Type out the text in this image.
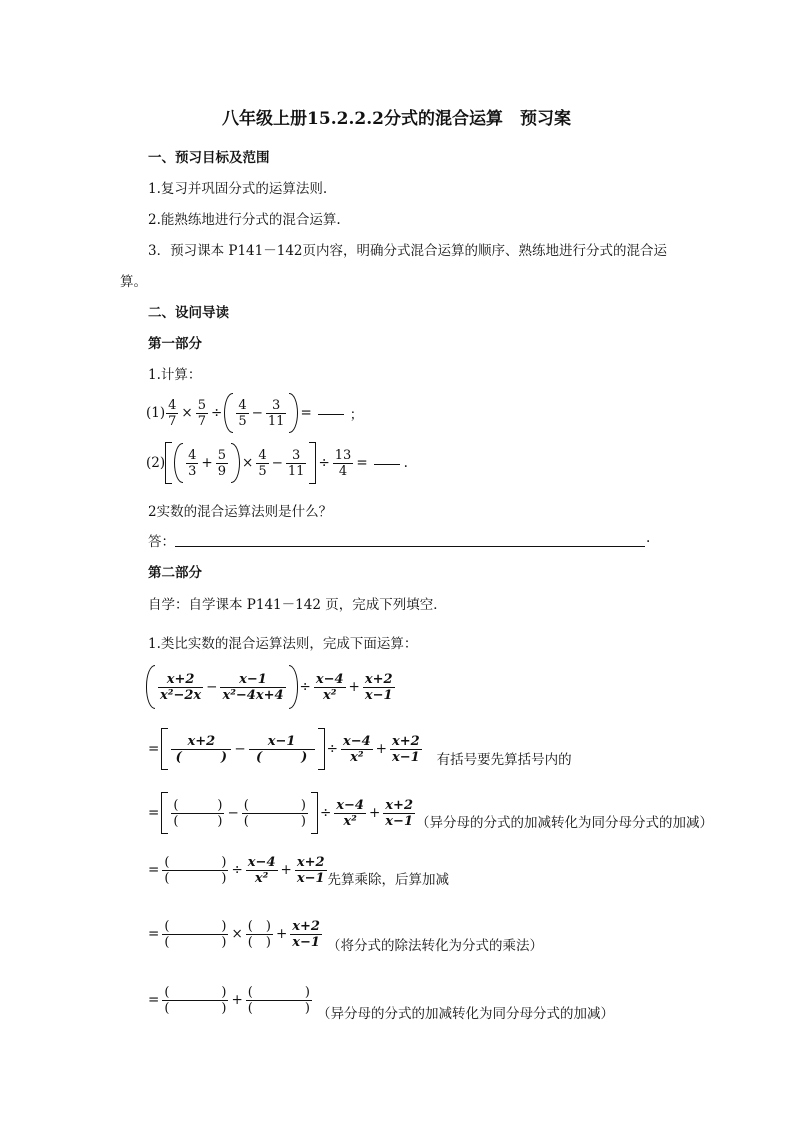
八年级上册15.2.2.2分式的混合运算　预习案
一、预习目标及范围
1.复习并巩固分式的运算法则.
2.能熟练地进行分式的混合运算.
3．预习课本 P141－142页内容，明确分式混合运算的顺序、熟练地进行分式的混合运
算。
二、设问导读
第一部分
1.计算：
$(1) \frac{4}{7} \times \frac{5}{7} \div \frac{4}{5} - \frac{3}{11}$ =	；
$(2) \frac{4}{3} + \frac{5}{9} \times \frac{4}{5} - \frac{3}{11} \div \frac{13}{4}$ =	.
2实数的混合运算法则是什么？
答：	.
第二部分
自学：自学课本 P141－142 页，完成下列填空．
1.类比实数的混合运算法则，完成下面运算：
$\frac{x+2}{\text{x²−2x}} - \frac{x-1}{\text{x²−4x+4}} \div \frac{x-4}{\text{x²}} + \frac{x+2}{x-1}$
= x+2
(　　　	) − x−1
(　　　	) ÷ $\frac{x-4}{\text{x²}} + \frac{x+2}{x-1}$ 有括号要先算括号内的
= (　　　	)
(　　　	) − (　　　　	)
(　　　　	) ÷ $\frac{x-4}{\text{x²}} + \frac{x+2}{x-1}$ （异分母的分式的加减转化为同分母分式的加减）
= (　　　　	)
(　　　　	) ÷ $\frac{x-4}{\text{x²}} + \frac{x+2}{x-1}$ 先算乘除，后算加减
= (　　　　	)
(　　　　	) × $\frac{( )}{( )} + \frac{x+2}{x-1}$ （将分式的除法转化为分式的乘法）
= (　　　　	)
(　　　　	) + (　　　　	)
(　　　　	) （异分母的分式的加减转化为同分母分式的加减）
